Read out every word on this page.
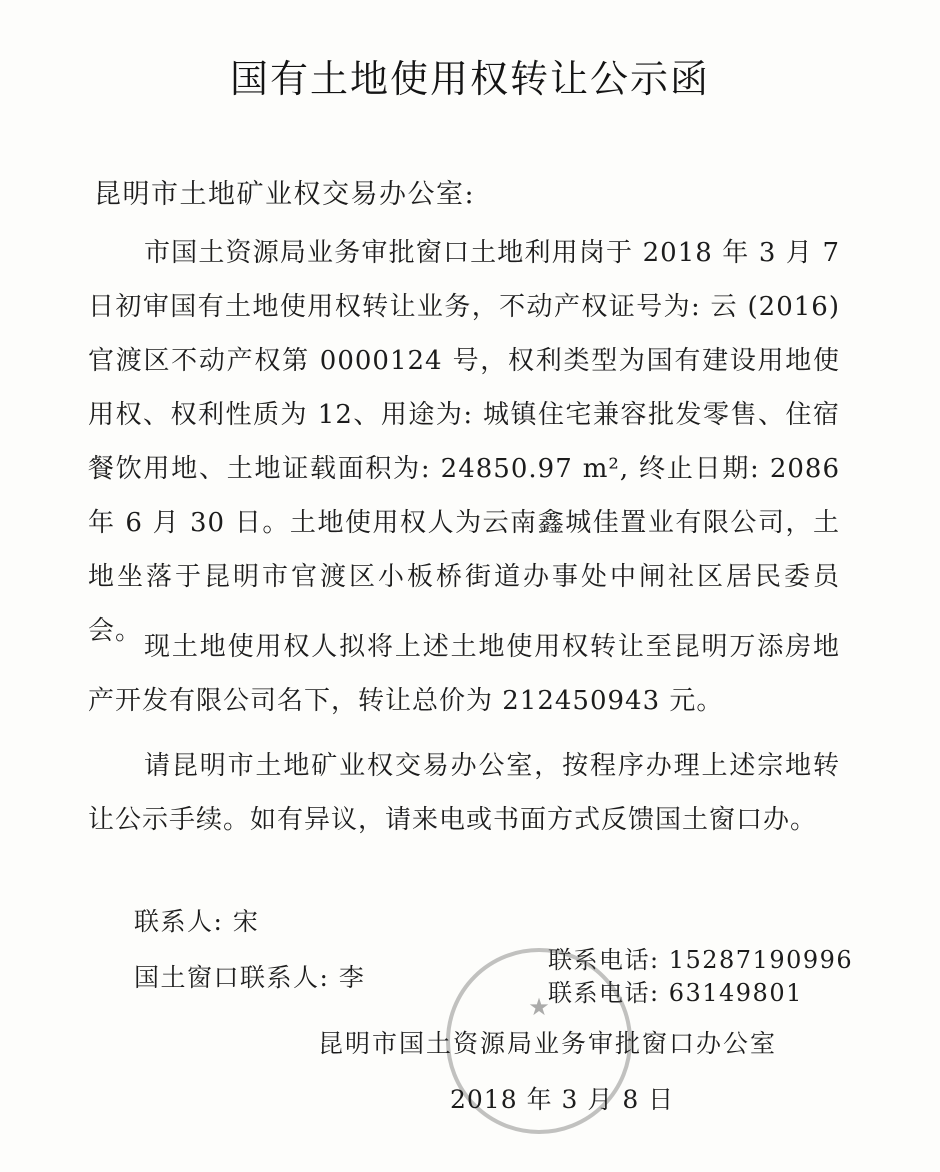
国有土地使用权转让公示函
昆明市土地矿业权交易办公室:

市国土资源局业务审批窗口土地利用岗于 2018 年 3 月 7 日初审国有土地使用权转让业务，不动产权证号为: 云 (2016) 官渡区不动产权第 0000124 号，权利类型为国有建设用地使用权、权利性质为 12、用途为: 城镇住宅兼容批发零售、住宿餐饮用地、土地证载面积为: 24850.97 m², 终止日期: 2086 年 6 月 30 日。土地使用权人为云南鑫城佳置业有限公司，土地坐落于昆明市官渡区小板桥街道办事处中闸社区居民委员会。

现土地使用权人拟将上述土地使用权转让至昆明万添房地产开发有限公司名下，转让总价为 212450943 元。

请昆明市土地矿业权交易办公室，按程序办理上述宗地转让公示手续。如有异议，请来电或书面方式反馈国土窗口办。

联系人: 宋
联系电话: 15287190996
国土窗口联系人: 李
联系电话: 63149801
★
昆明市国土资源局业务审批窗口办公室
2018 年 3 月 8 日
